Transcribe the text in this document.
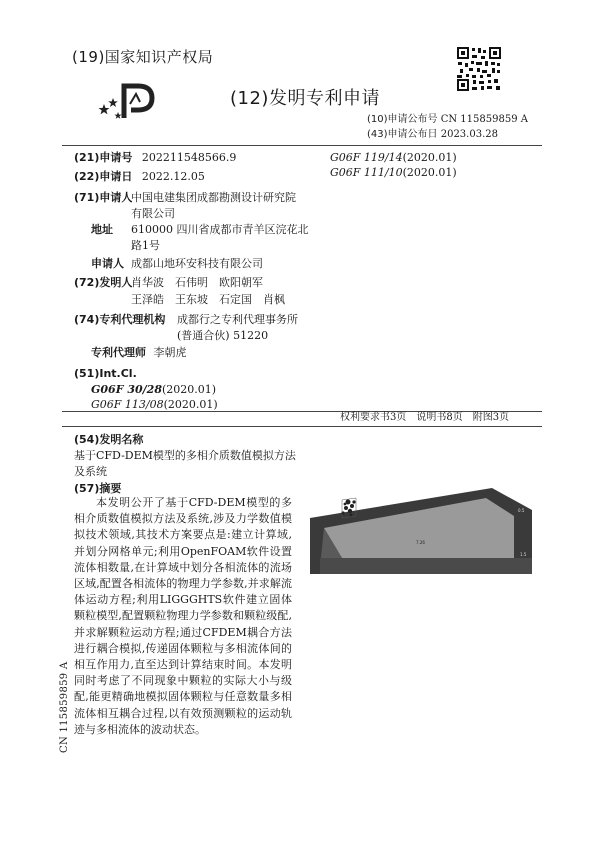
(19)国家知识产权局
(12)发明专利申请
(10)申请公布号 CN 115859859 A
(43)申请公布日 2023.03.28
(21)申请号 202211548566.9
(22)申请日 2022.12.05
(71)申请人
中国电建集团成都勘测设计研究院
有限公司
地址 610000 四川省成都市青羊区浣花北
路1号
申请人 成都山地环安科技有限公司
(72)发明人
肖华波　石伟明　欧阳朝军
王泽皓　王东坡　石定国　肖枫
(74)专利代理机构 成都行之专利代理事务所
(普通合伙) 51220
专利代理师 李朝虎
(51)Int.Cl.
G06F 30/28(2020.01)
G06F 113/08(2020.01)
G06F 119/14(2020.01)
G06F 111/10(2020.01)
权利要求书3页　说明书8页　附图3页
(54)发明名称
基于CFD-DEM模型的多相介质数值模拟方法
及系统
(57)摘要

本发明公开了基于CFD-DEM模型的多相介质数值模拟方法及系统,涉及力学数值模拟技术领域,其技术方案要点是:建立计算域,并划分网格单元;利用OpenFOAM软件设置流体相数量,在计算域中划分各相流体的流场区域,配置各相流体的物理力学参数,并求解流体运动方程;利用LIGGGHTS软件建立固体颗粒模型,配置颗粒物理力学参数和颗粒级配,并求解颗粒运动方程;通过CFDEM耦合方法进行耦合模拟,传递固体颗粒与多相流体间的相互作用力,直至达到计算结束时间。本发明同时考虑了不同现象中颗粒的实际大小与级配,能更精确地模拟固体颗粒与任意数量多相流体相互耦合过程,以有效预测颗粒的运动轨迹与多相流体的波动状态。

7.26
0.5
1.5
CN 115859859 A
